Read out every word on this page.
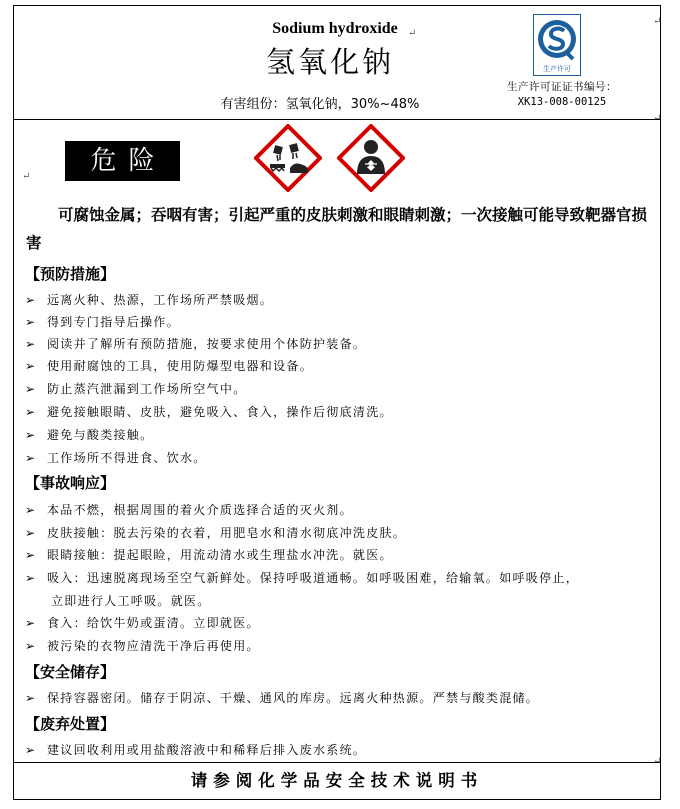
Sodium hydroxide
氢氧化钠
有害组份：氢氧化钠，30%~48%
生产许可
生产许可证证书编号：
XK13-008-00125
危险
可腐蚀金属；吞咽有害；引起严重的皮肤刺激和眼睛刺激；一次接触可能导致靶器官损害
【预防措施】
➢ 远离火种、热源，工作场所严禁吸烟。
➢ 得到专门指导后操作。
➢ 阅读并了解所有预防措施，按要求使用个体防护装备。
➢ 使用耐腐蚀的工具，使用防爆型电器和设备。
➢ 防止蒸汽泄漏到工作场所空气中。
➢ 避免接触眼睛、皮肤，避免吸入、食入，操作后彻底清洗。
➢ 避免与酸类接触。
➢ 工作场所不得进食、饮水。
【事故响应】
➢ 本品不燃，根据周围的着火介质选择合适的灭火剂。
➢ 皮肤接触：脱去污染的衣着，用肥皂水和清水彻底冲洗皮肤。
➢ 眼睛接触：提起眼睑，用流动清水或生理盐水冲洗。就医。
➢ 吸入：迅速脱离现场至空气新鲜处。保持呼吸道通畅。如呼吸困难，给输氧。如呼吸停止，
立即进行人工呼吸。就医。
➢ 食入：给饮牛奶或蛋清。立即就医。
➢ 被污染的衣物应清洗干净后再使用。
【安全储存】
➢ 保持容器密闭。储存于阴凉、干燥、通风的库房。远离火种热源。严禁与酸类混储。
【废弃处置】
➢ 建议回收利用或用盐酸溶液中和稀释后排入废水系统。
请参阅化学品安全技术说明书
↵
↵
↵
↵
↵
